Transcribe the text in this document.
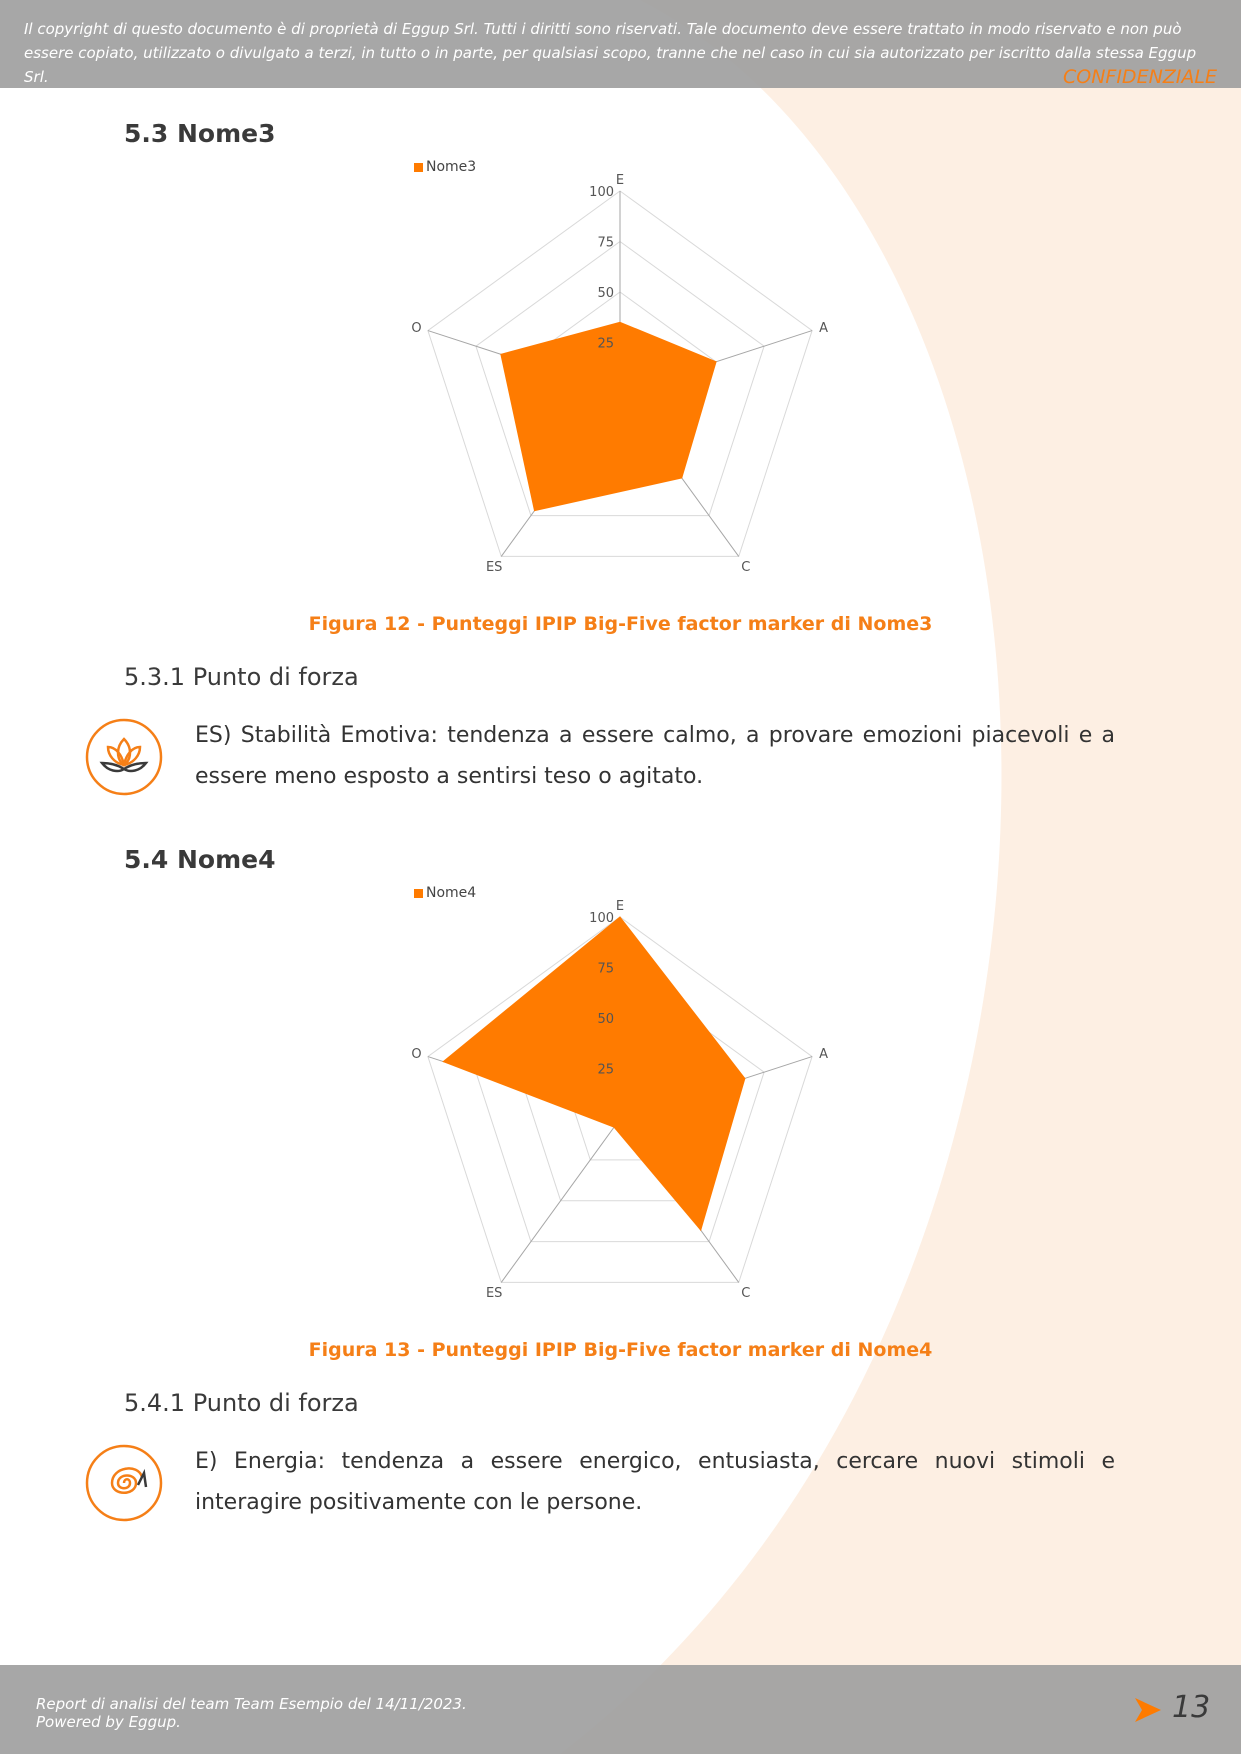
Il copyright di questo documento è di proprietà di Eggup Srl. Tutti i diritti sono riservati. Tale documento deve essere trattato in modo riservato e non può essere copiato, utilizzato o divulgato a terzi, in tutto o in parte, per qualsiasi scopo, tranne che nel caso in cui sia autorizzato per iscritto dalla stessa Eggup Srl.	CONFIDENZIALE
5.3 Nome3
Nome3
25
50
75
100
E
A
C
ES
O
Figura 12 - Punteggi IPIP Big-Five factor marker di Nome3
5.3.1 Punto di forza
ES) Stabilità Emotiva: tendenza a essere calmo, a provare emozioni piacevoli e a essere meno esposto a sentirsi teso o agitato.
5.4 Nome4
Nome4
25
50
75
100
E
A
C
ES
O
Figura 13 - Punteggi IPIP Big-Five factor marker di Nome4
5.4.1 Punto di forza
E) Energia: tendenza a essere energico, entusiasta, cercare nuovi stimoli e interagire positivamente con le persone.
Report di analisi del team Team Esempio del 14/11/2023.
Powered by Eggup.	13
